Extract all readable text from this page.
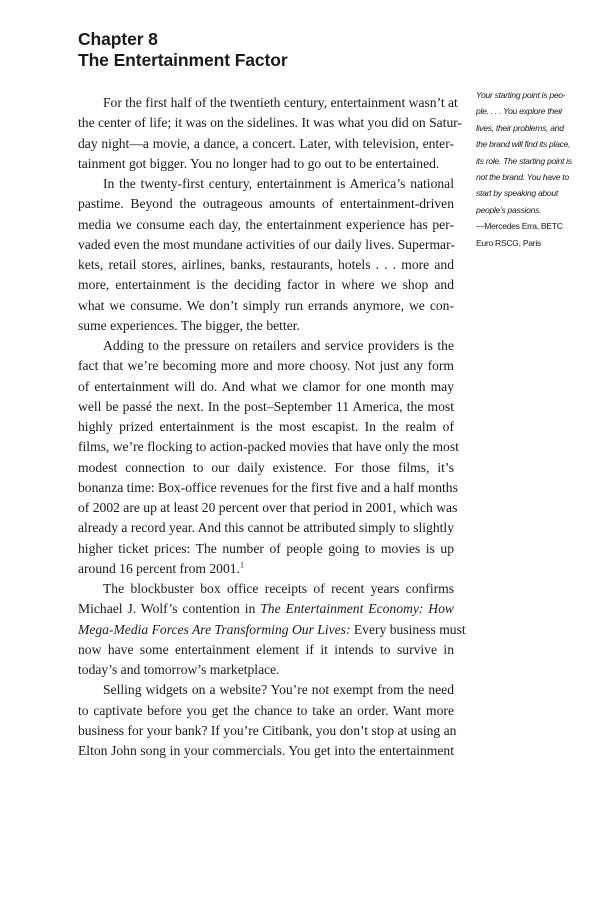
Chapter 8
The Entertainment Factor
For the first half of the twentieth century, entertainment wasn’t at
the center of life; it was on the sidelines. It was what you did on Satur-
day night—a movie, a dance, a concert. Later, with television, enter-
tainment got bigger. You no longer had to go out to be entertained.
In the twenty-first century, entertainment is America’s national
pastime. Beyond the outrageous amounts of entertainment-driven
media we consume each day, the entertainment experience has per-
vaded even the most mundane activities of our daily lives. Supermar-
kets, retail stores, airlines, banks, restaurants, hotels . . . more and
more, entertainment is the deciding factor in where we shop and
what we consume. We don’t simply run errands anymore, we con-
sume experiences. The bigger, the better.
Adding to the pressure on retailers and service providers is the
fact that we’re becoming more and more choosy. Not just any form
of entertainment will do. And what we clamor for one month may
well be passé the next. In the post–September 11 America, the most
highly prized entertainment is the most escapist. In the realm of
films, we’re flocking to action-packed movies that have only the most
modest connection to our daily existence. For those films, it’s
bonanza time: Box-office revenues for the first five and a half months
of 2002 are up at least 20 percent over that period in 2001, which was
already a record year. And this cannot be attributed simply to slightly
higher ticket prices: The number of people going to movies is up
around 16 percent from 2001.$^1$
The blockbuster box office receipts of recent years confirms
Michael J. Wolf’s contention in The Entertainment Economy: How
Mega-Media Forces Are Transforming Our Lives: Every business must
now have some entertainment element if it intends to survive in
today’s and tomorrow’s marketplace.
Selling widgets on a website? You’re not exempt from the need
to captivate before you get the chance to take an order. Want more
business for your bank? If you’re Citibank, you don’t stop at using an
Elton John song in your commercials. You get into the entertainment
Your starting point is peo-
ple. . . . You explore their
lives, their problems, and
the brand will find its place,
its role. The starting point is
not the brand. You have to
start by speaking about
people’s passions.
—Mercedes Erra, BETC
Euro RSCG, Paris
